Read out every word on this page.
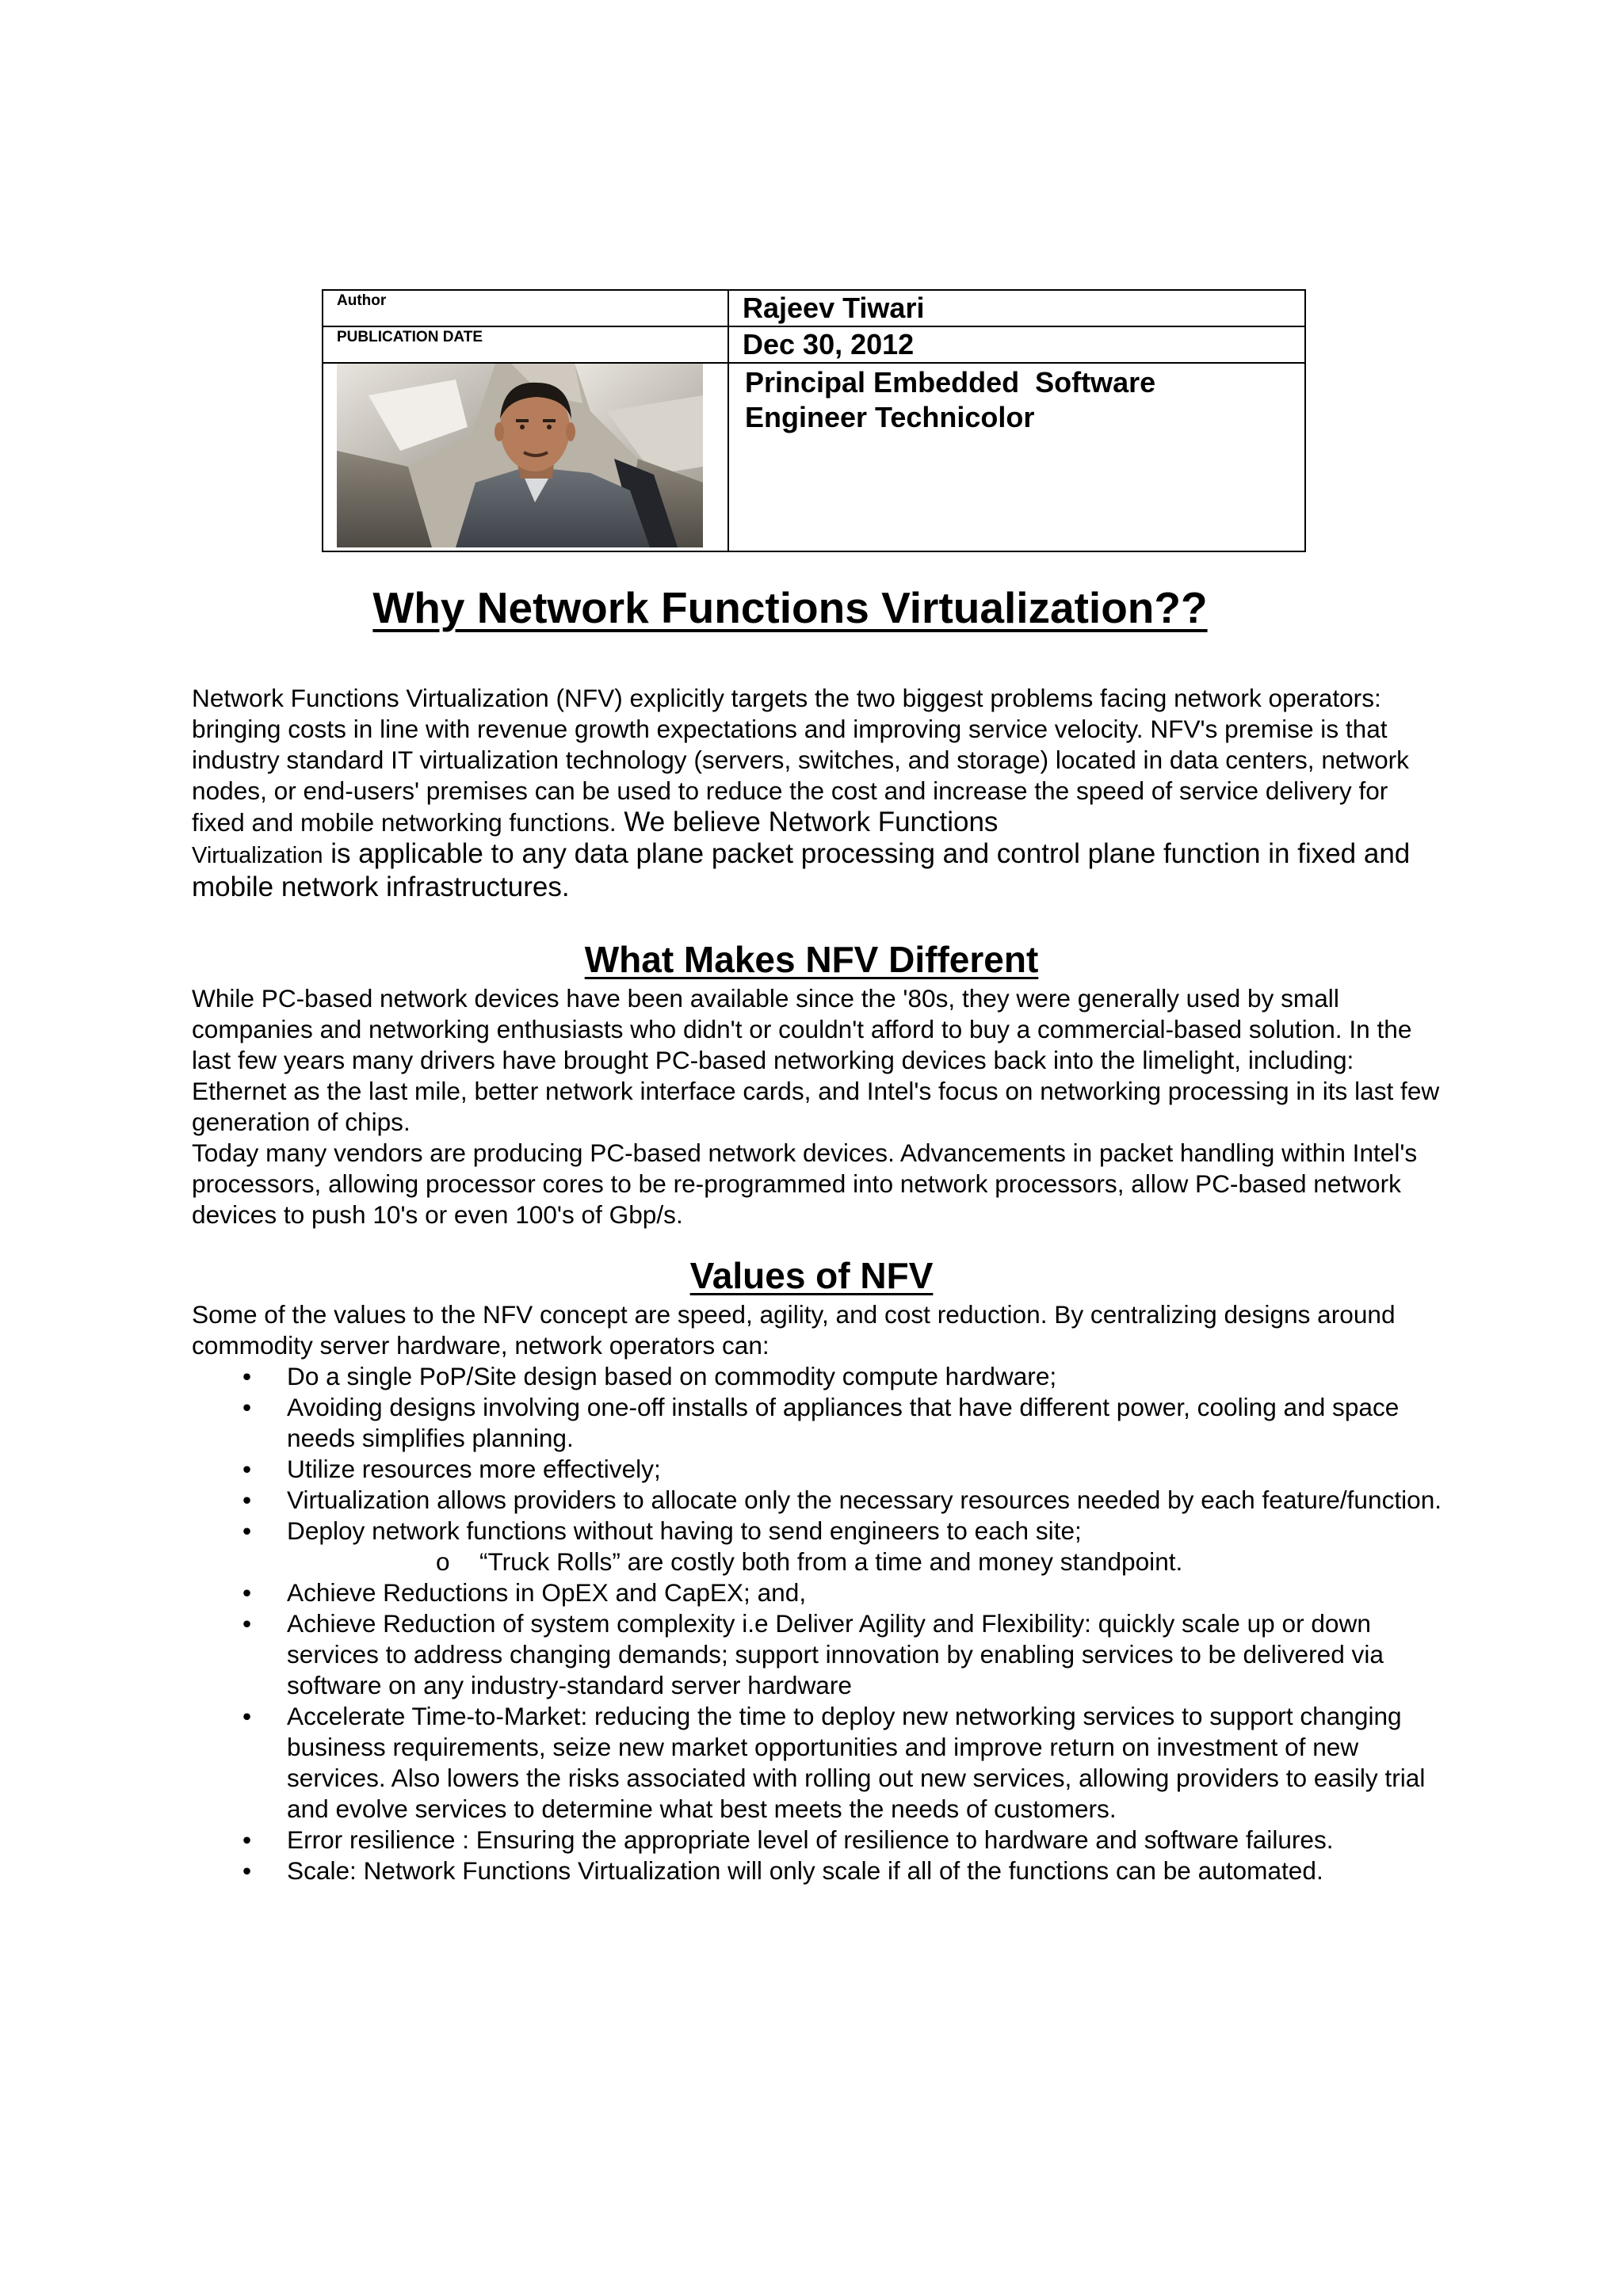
Author	Rajeev Tiwari

PUBLICATION DATE	Dec 30, 2012

Principal Embedded  Software
Engineer Technicolor
Why Network Functions Virtualization??

Network Functions Virtualization (NFV) explicitly targets the two biggest problems facing network operators: bringing costs in line with revenue growth expectations and improving service velocity. NFV's premise is that industry standard IT virtualization technology (servers, switches, and storage) located in data centers, network nodes, or end-users' premises can be used to reduce the cost and increase the speed of service delivery for fixed and mobile networking functions. We believe Network Functions
Virtualization is applicable to any data plane packet processing and control plane function in fixed and mobile network infrastructures.

What Makes NFV Different

While PC-based network devices have been available since the '80s, they were generally used by small companies and networking enthusiasts who didn't or couldn't afford to buy a commercial-based solution. In the last few years many drivers have brought PC-based networking devices back into the limelight, including: Ethernet as the last mile, better network interface cards, and Intel's focus on networking processing in its last few generation of chips.

Today many vendors are producing PC-based network devices. Advancements in packet handling within Intel's processors, allowing processor cores to be re-programmed into network processors, allow PC-based network devices to push 10's or even 100's of Gbp/s.

Values of NFV

Some of the values to the NFV concept are speed, agility, and cost reduction. By centralizing designs around commodity server hardware, network operators can:

• Do a single PoP/Site design based on commodity compute hardware;
• Avoiding designs involving one-off installs of appliances that have different power, cooling and space needs simplifies planning.
• Utilize resources more effectively;
• Virtualization allows providers to allocate only the necessary resources needed by each feature/function.
• Deploy network functions without having to send engineers to each site;
o “Truck Rolls” are costly both from a time and money standpoint.
• Achieve Reductions in OpEX and CapEX; and,
• Achieve Reduction of system complexity i.e Deliver Agility and Flexibility: quickly scale up or down services to address changing demands; support innovation by enabling services to be delivered via software on any industry-standard server hardware
• Accelerate Time-to-Market: reducing the time to deploy new networking services to support changing business requirements, seize new market opportunities and improve return on investment of new services. Also lowers the risks associated with rolling out new services, allowing providers to easily trial and evolve services to determine what best meets the needs of customers.
• Error resilience : Ensuring the appropriate level of resilience to hardware and software failures.
• Scale: Network Functions Virtualization will only scale if all of the functions can be automated.
